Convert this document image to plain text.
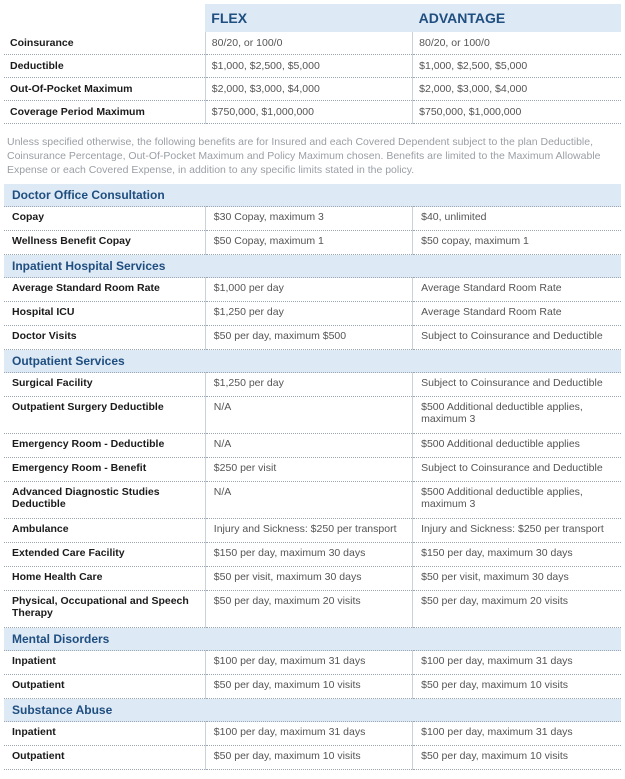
	FLEX	ADVANTAGE
Coinsurance	80/20, or 100/0	80/20, or 100/0
Deductible	$1,000, $2,500, $5,000	$1,000, $2,500, $5,000
Out-Of-Pocket Maximum	$2,000, $3,000, $4,000	$2,000, $3,000, $4,000
Coverage Period Maximum	$750,000, $1,000,000	$750,000, $1,000,000
Unless specified otherwise, the following benefits are for Insured and each Covered Dependent subject to the plan Deductible, Coinsurance Percentage, Out-Of-Pocket Maximum and Policy Maximum chosen. Benefits are limited to the Maximum Allowable Expense or each Covered Expense, in addition to any specific limits stated in the policy.
Doctor Office Consultation		
Copay	$30 Copay, maximum 3	$40, unlimited
Wellness Benefit Copay	$50 Copay, maximum 1	$50 copay, maximum 1
Inpatient Hospital Services		
Average Standard Room Rate	$1,000 per day	Average Standard Room Rate
Hospital ICU	$1,250 per day	Average Standard Room Rate
Doctor Visits	$50 per day, maximum $500	Subject to Coinsurance and Deductible
Outpatient Services		
Surgical Facility	$1,250 per day	Subject to Coinsurance and Deductible
Outpatient Surgery Deductible	N/A	$500 Additional deductible applies, maximum 3
Emergency Room - Deductible	N/A	$500 Additional deductible applies
Emergency Room - Benefit	$250 per visit	Subject to Coinsurance and Deductible
Advanced Diagnostic Studies Deductible	N/A	$500 Additional deductible applies, maximum 3
Ambulance	Injury and Sickness: $250 per transport	Injury and Sickness: $250 per transport
Extended Care Facility	$150 per day, maximum 30 days	$150 per day, maximum 30 days
Home Health Care	$50 per visit, maximum 30 days	$50 per visit, maximum 30 days
Physical, Occupational and Speech Therapy	$50 per day, maximum 20 visits	$50 per day, maximum 20 visits
Mental Disorders		
Inpatient	$100 per day, maximum 31 days	$100 per day, maximum 31 days
Outpatient	$50 per day, maximum 10 visits	$50 per day, maximum 10 visits
Substance Abuse		
Inpatient	$100 per day, maximum 31 days	$100 per day, maximum 31 days
Outpatient	$50 per day, maximum 10 visits	$50 per day, maximum 10 visits
